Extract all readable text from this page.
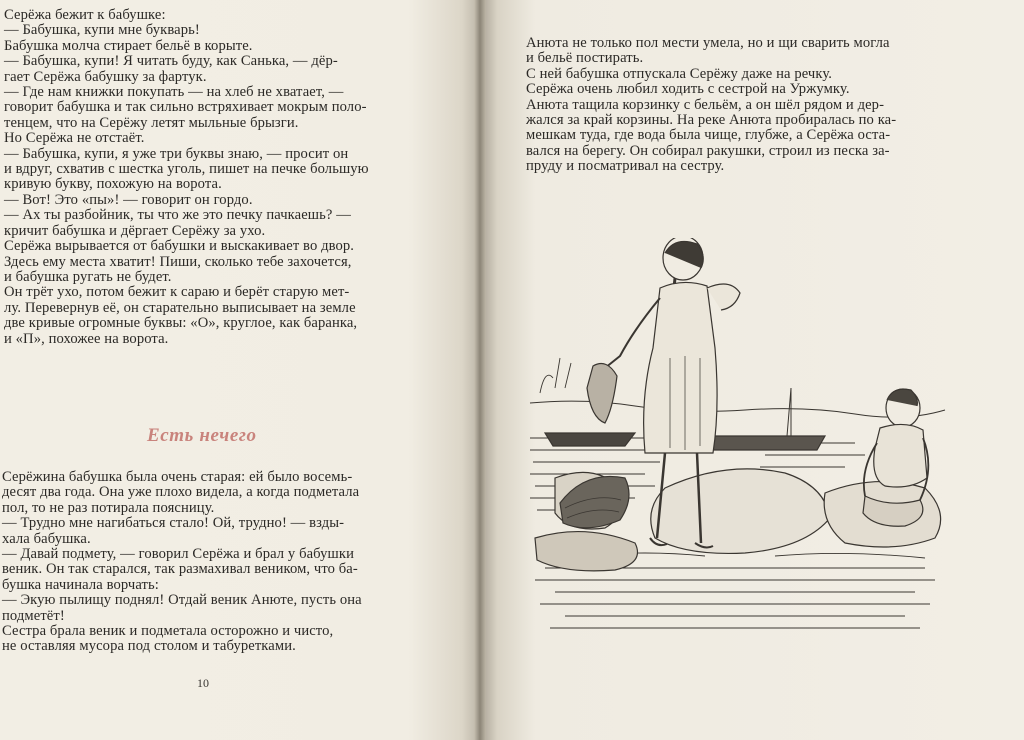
Серёжа бежит к бабушке:
— Бабушка, купи мне букварь!
Бабушка молча стирает бельё в корыте.
— Бабушка, купи! Я читать буду, как Санька, — дёр-
гает Серёжа бабушку за фартук.
— Где нам книжки покупать — на хлеб не хватает, —
говорит бабушка и так сильно встряхивает мокрым поло-
тенцем, что на Серёжу летят мыльные брызги.
Но Серёжа не отстаёт.
— Бабушка, купи, я уже три буквы знаю, — просит он
и вдруг, схватив с шестка уголь, пишет на печке большую
кривую букву, похожую на ворота.
— Вот! Это «пы»! — говорит он гордо.
— Ах ты разбойник, ты что же это печку пачкаешь? —
кричит бабушка и дёргает Серёжу за ухо.
Серёжа вырывается от бабушки и выскакивает во двор.
Здесь ему места хватит! Пиши, сколько тебе захочется,
и бабушка ругать не будет.
Он трёт ухо, потом бежит к сараю и берёт старую мет-
лу. Перевернув её, он старательно выписывает на земле
две кривые огромные буквы: «О», круглое, как баранка,
и «П», похожее на ворота.

Есть нечего

Серёжина бабушка была очень старая: ей было восемь-
десят два года. Она уже плохо видела, а когда подметала
пол, то не раз потирала поясницу.
— Трудно мне нагибаться стало! Ой, трудно! — взды-
хала бабушка.
— Давай подмету, — говорил Серёжа и брал у бабушки
веник. Он так старался, так размахивал веником, что ба-
бушка начинала ворчать:
— Экую пылищу поднял! Отдай веник Анюте, пусть она
подметёт!
Сестра брала веник и подметала осторожно и чисто,
не оставляя мусора под столом и табуретками.

10

Анюта не только пол мести умела, но и щи сварить могла
и бельё постирать.
С ней бабушка отпускала Серёжу даже на речку.
Серёжа очень любил ходить с сестрой на Уржумку.
Анюта тащила корзинку с бельём, а он шёл рядом и дер-
жался за край корзины. На реке Анюта пробиралась по ка-
мешкам туда, где вода была чище, глубже, а Серёжа оста-
вался на берегу. Он собирал ракушки, строил из песка за-
пруду и посматривал на сестру.
